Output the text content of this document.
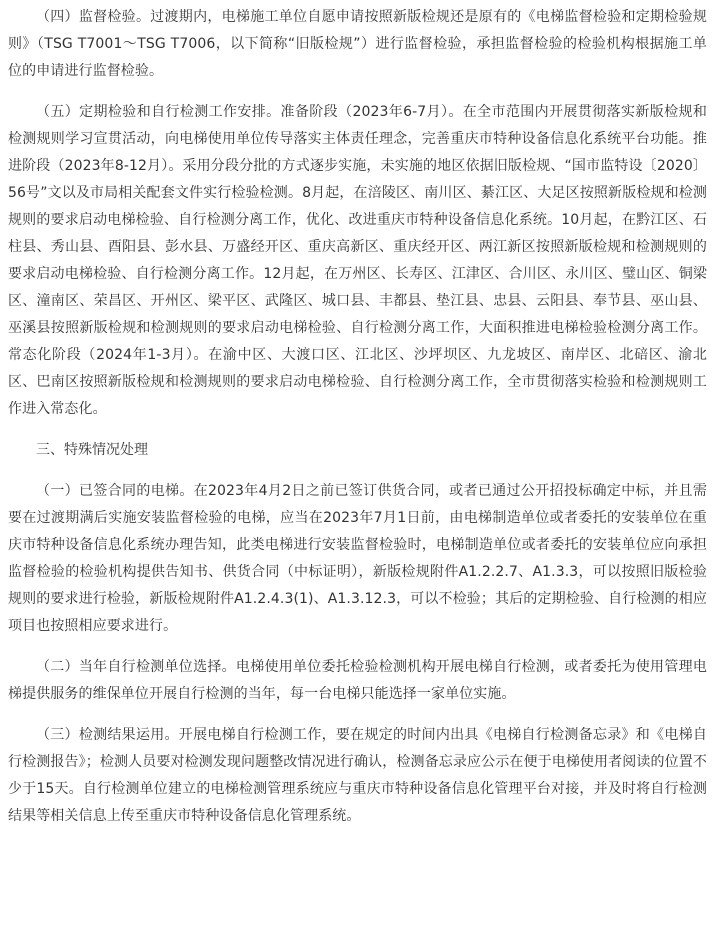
（四）监督检验。过渡期内，电梯施工单位自愿申请按照新版检规还是原有的《电梯监督检验和定期检验规则》（TSG T7001～TSG T7006，以下简称“旧版检规”）进行监督检验，承担监督检验的检验机构根据施工单位的申请进行监督检验。

（五）定期检验和自行检测工作安排。准备阶段（2023年6-7月）。在全市范围内开展贯彻落实新版检规和检测规则学习宣贯活动，向电梯使用单位传导落实主体责任理念，完善重庆市特种设备信息化系统平台功能。推进阶段（2023年8-12月）。采用分段分批的方式逐步实施，未实施的地区依据旧版检规、“国市监特设〔2020〕56号”文以及市局相关配套文件实行检验检测。8月起，在涪陵区、南川区、綦江区、大足区按照新版检规和检测规则的要求启动电梯检验、自行检测分离工作，优化、改进重庆市特种设备信息化系统。10月起，在黔江区、石柱县、秀山县、酉阳县、彭水县、万盛经开区、重庆高新区、重庆经开区、两江新区按照新版检规和检测规则的要求启动电梯检验、自行检测分离工作。12月起，在万州区、长寿区、江津区、合川区、永川区、璧山区、铜梁区、潼南区、荣昌区、开州区、梁平区、武隆区、城口县、丰都县、垫江县、忠县、云阳县、奉节县、巫山县、巫溪县按照新版检规和检测规则的要求启动电梯检验、自行检测分离工作，大面积推进电梯检验检测分离工作。常态化阶段（2024年1-3月）。在渝中区、大渡口区、江北区、沙坪坝区、九龙坡区、南岸区、北碚区、渝北区、巴南区按照新版检规和检测规则的要求启动电梯检验、自行检测分离工作，全市贯彻落实检验和检测规则工作进入常态化。

三、特殊情况处理

（一）已签合同的电梯。在2023年4月2日之前已签订供货合同，或者已通过公开招投标确定中标，并且需要在过渡期满后实施安装监督检验的电梯，应当在2023年7月1日前，由电梯制造单位或者委托的安装单位在重庆市特种设备信息化系统办理告知，此类电梯进行安装监督检验时，电梯制造单位或者委托的安装单位应向承担监督检验的检验机构提供告知书、供货合同（中标证明），新版检规附件A1.2.2.7、A1.3.3，可以按照旧版检验规则的要求进行检验，新版检规附件A1.2.4.3(1)、A1.3.12.3，可以不检验；其后的定期检验、自行检测的相应项目也按照相应要求进行。

（二）当年自行检测单位选择。电梯使用单位委托检验检测机构开展电梯自行检测，或者委托为使用管理电梯提供服务的维保单位开展自行检测的当年，每一台电梯只能选择一家单位实施。

（三）检测结果运用。开展电梯自行检测工作，要在规定的时间内出具《电梯自行检测备忘录》和《电梯自行检测报告》；检测人员要对检测发现问题整改情况进行确认，检测备忘录应公示在便于电梯使用者阅读的位置不少于15天。自行检测单位建立的电梯检测管理系统应与重庆市特种设备信息化管理平台对接，并及时将自行检测结果等相关信息上传至重庆市特种设备信息化管理系统。
